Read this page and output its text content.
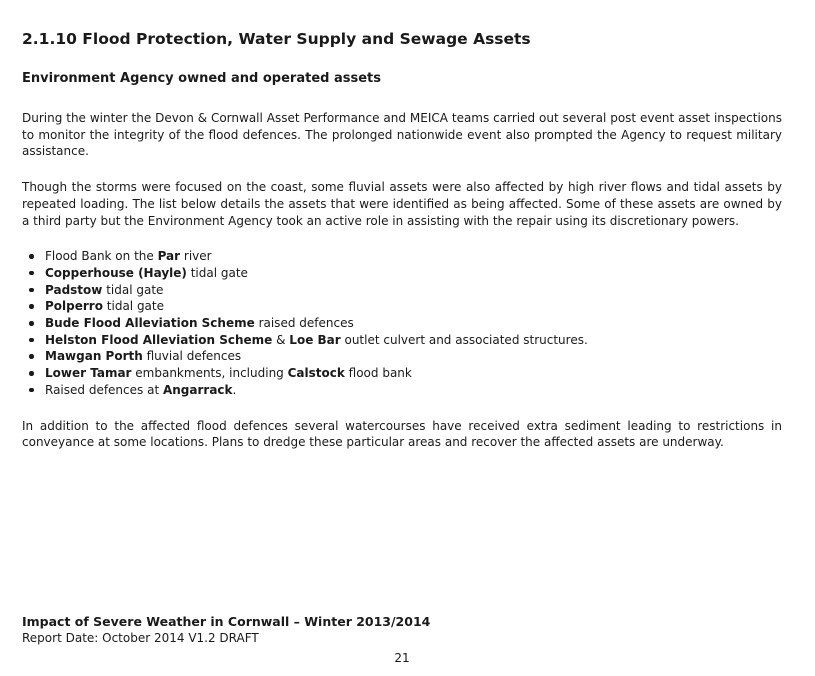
2.1.10 Flood Protection, Water Supply and Sewage Assets
Environment Agency owned and operated assets

During the winter the Devon & Cornwall Asset Performance and MEICA teams carried out several post event asset inspections to monitor the integrity of the flood defences. The prolonged nationwide event also prompted the Agency to request military assistance.

Though the storms were focused on the coast, some fluvial assets were also affected by high river flows and tidal assets by repeated loading. The list below details the assets that were identified as being affected. Some of these assets are owned by a third party but the Environment Agency took an active role in assisting with the repair using its discretionary powers.

Flood Bank on the Par river
Copperhouse (Hayle) tidal gate
Padstow tidal gate
Polperro tidal gate
Bude Flood Alleviation Scheme raised defences
Helston Flood Alleviation Scheme & Loe Bar outlet culvert and associated structures.
Mawgan Porth fluvial defences
Lower Tamar embankments, including Calstock flood bank
Raised defences at Angarrack.

In addition to the affected flood defences several watercourses have received extra sediment leading to restrictions in conveyance at some locations. Plans to dredge these particular areas and recover the affected assets are underway.

Impact of Severe Weather in Cornwall – Winter 2013/2014

Report Date: October 2014 V1.2 DRAFT

21
